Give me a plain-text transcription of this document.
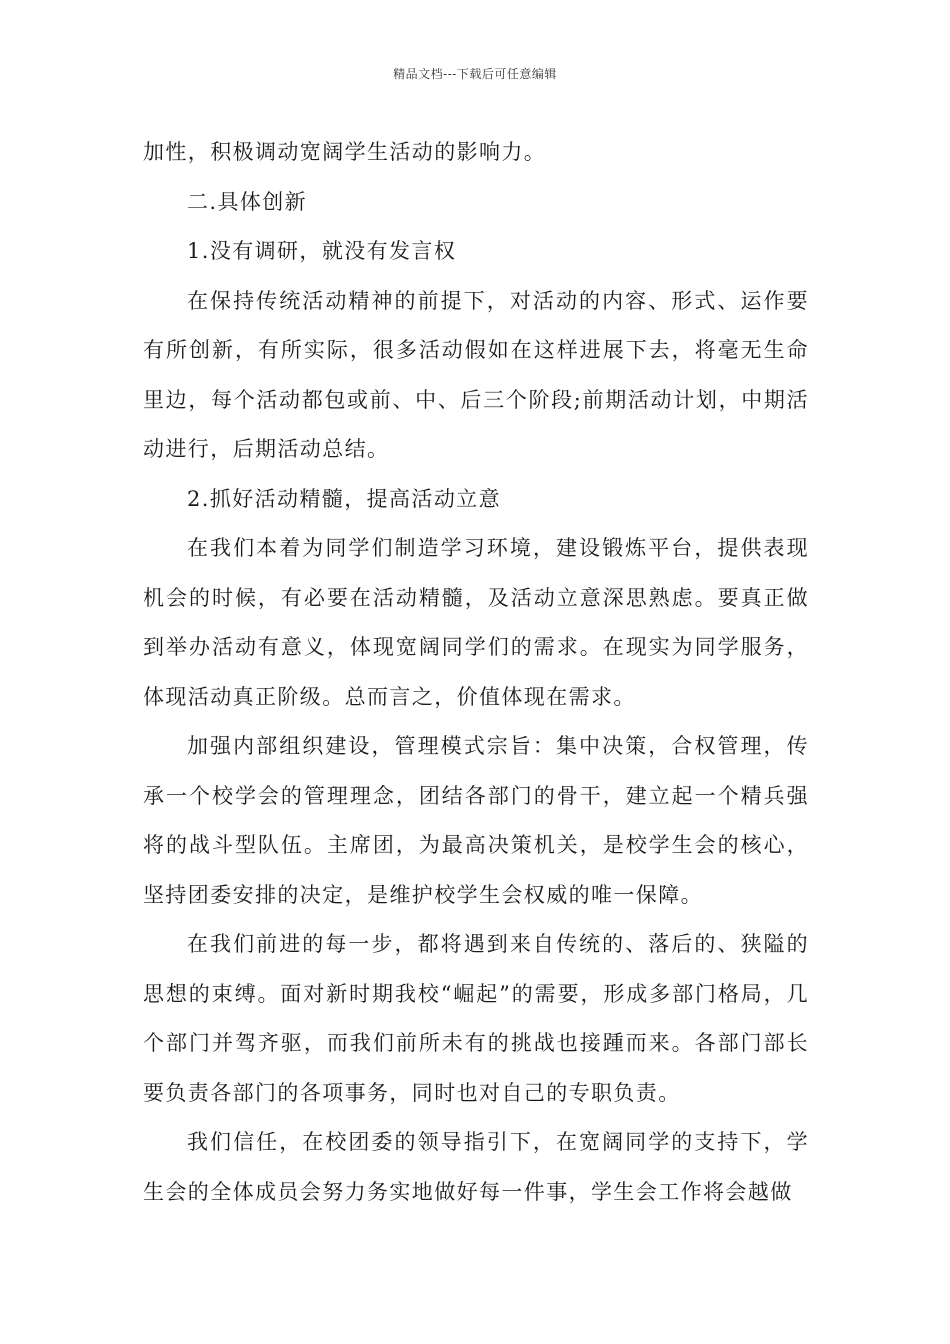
精品文档---下载后可任意编辑

加性，积极调动宽阔学生活动的影响力。

二.具体创新

1.没有调研，就没有发言权

在保持传统活动精神的前提下，对活动的内容、形式、运作要有所创新，有所实际，很多活动假如在这样进展下去，将毫无生命里边，每个活动都包或前、中、后三个阶段;前期活动计划，中期活动进行，后期活动总结。

2.抓好活动精髓，提高活动立意

在我们本着为同学们制造学习环境，建设锻炼平台，提供表现机会的时候，有必要在活动精髓，及活动立意深思熟虑。要真正做到举办活动有意义，体现宽阔同学们的需求。在现实为同学服务，体现活动真正阶级。总而言之，价值体现在需求。

加强内部组织建设，管理模式宗旨：集中决策，合权管理，传承一个校学会的管理理念，团结各部门的骨干，建立起一个精兵强将的战斗型队伍。主席团，为最高决策机关，是校学生会的核心，坚持团委安排的决定，是维护校学生会权威的唯一保障。

在我们前进的每一步，都将遇到来自传统的、落后的、狭隘的思想的束缚。面对新时期我校“崛起”的需要，形成多部门格局，几个部门并驾齐驱，而我们前所未有的挑战也接踵而来。各部门部长要负责各部门的各项事务，同时也对自己的专职负责。

我们信任，在校团委的领导指引下，在宽阔同学的支持下，学生会的全体成员会努力务实地做好每一件事，学生会工作将会越做
